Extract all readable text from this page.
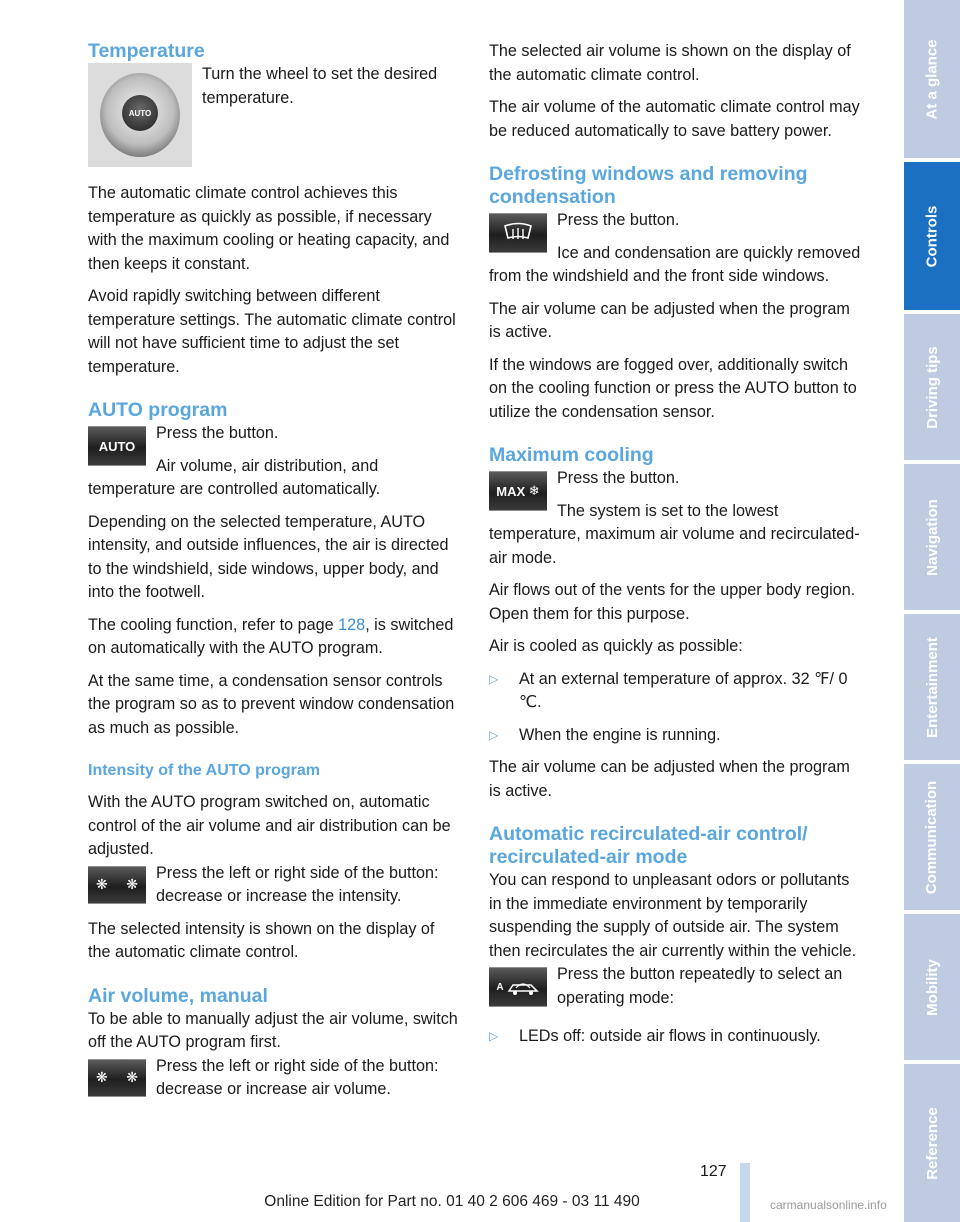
Temperature
AUTO

Turn the wheel to set the desired temperature.

The automatic climate control achieves this temperature as quickly as possible, if necessary with the maximum cooling or heating capacity, and then keeps it constant.

Avoid rapidly switching between different temperature settings. The automatic climate control will not have sufficient time to adjust the set temperature.

AUTO program
AUTO

Press the button.

Air volume, air distribution, and temperature are controlled automatically.

Depending on the selected temperature, AUTO intensity, and outside influences, the air is directed to the windshield, side windows, upper body, and into the footwell.

The cooling function, refer to page 128, is switched on automatically with the AUTO program.

At the same time, a condensation sensor controls the program so as to prevent window condensation as much as possible.

Intensity of the AUTO program

With the AUTO program switched on, automatic control of the air volume and air distribution can be adjusted.

❋ ❋

Press the left or right side of the button: decrease or increase the intensity.

The selected intensity is shown on the display of the automatic climate control.

Air volume, manual

To be able to manually adjust the air volume, switch off the AUTO program first.

❋ ❋

Press the left or right side of the button: decrease or increase air volume.

The selected air volume is shown on the display of the automatic climate control.

The air volume of the automatic climate control may be reduced automatically to save battery power.

Defrosting windows and removing condensation

Press the button.

Ice and condensation are quickly removed from the windshield and the front side windows.

The air volume can be adjusted when the program is active.

If the windows are fogged over, additionally switch on the cooling function or press the AUTO button to utilize the condensation sensor.

Maximum cooling
MAX
❄

Press the button.

The system is set to the lowest temperature, maximum air volume and recirculated-air mode.

Air flows out of the vents for the upper body region. Open them for this purpose.

Air is cooled as quickly as possible:

▷ At an external temperature of approx. 32 ℉/ 0 ℃.
▷ When the engine is running.

The air volume can be adjusted when the program is active.

Automatic recirculated-air control/ recirculated-air mode

You can respond to unpleasant odors or pollutants in the immediate environment by temporarily suspending the supply of outside air. The system then recirculates the air currently within the vehicle.

A

Press the button repeatedly to select an operating mode:

▷ LEDs off: outside air flows in continuously.
At a glance
Controls
Driving tips
Navigation
Entertainment
Communication
Mobility
Reference
127
Online Edition for Part no. 01 40 2 606 469 - 03 11 490	carmanualsonline.info
